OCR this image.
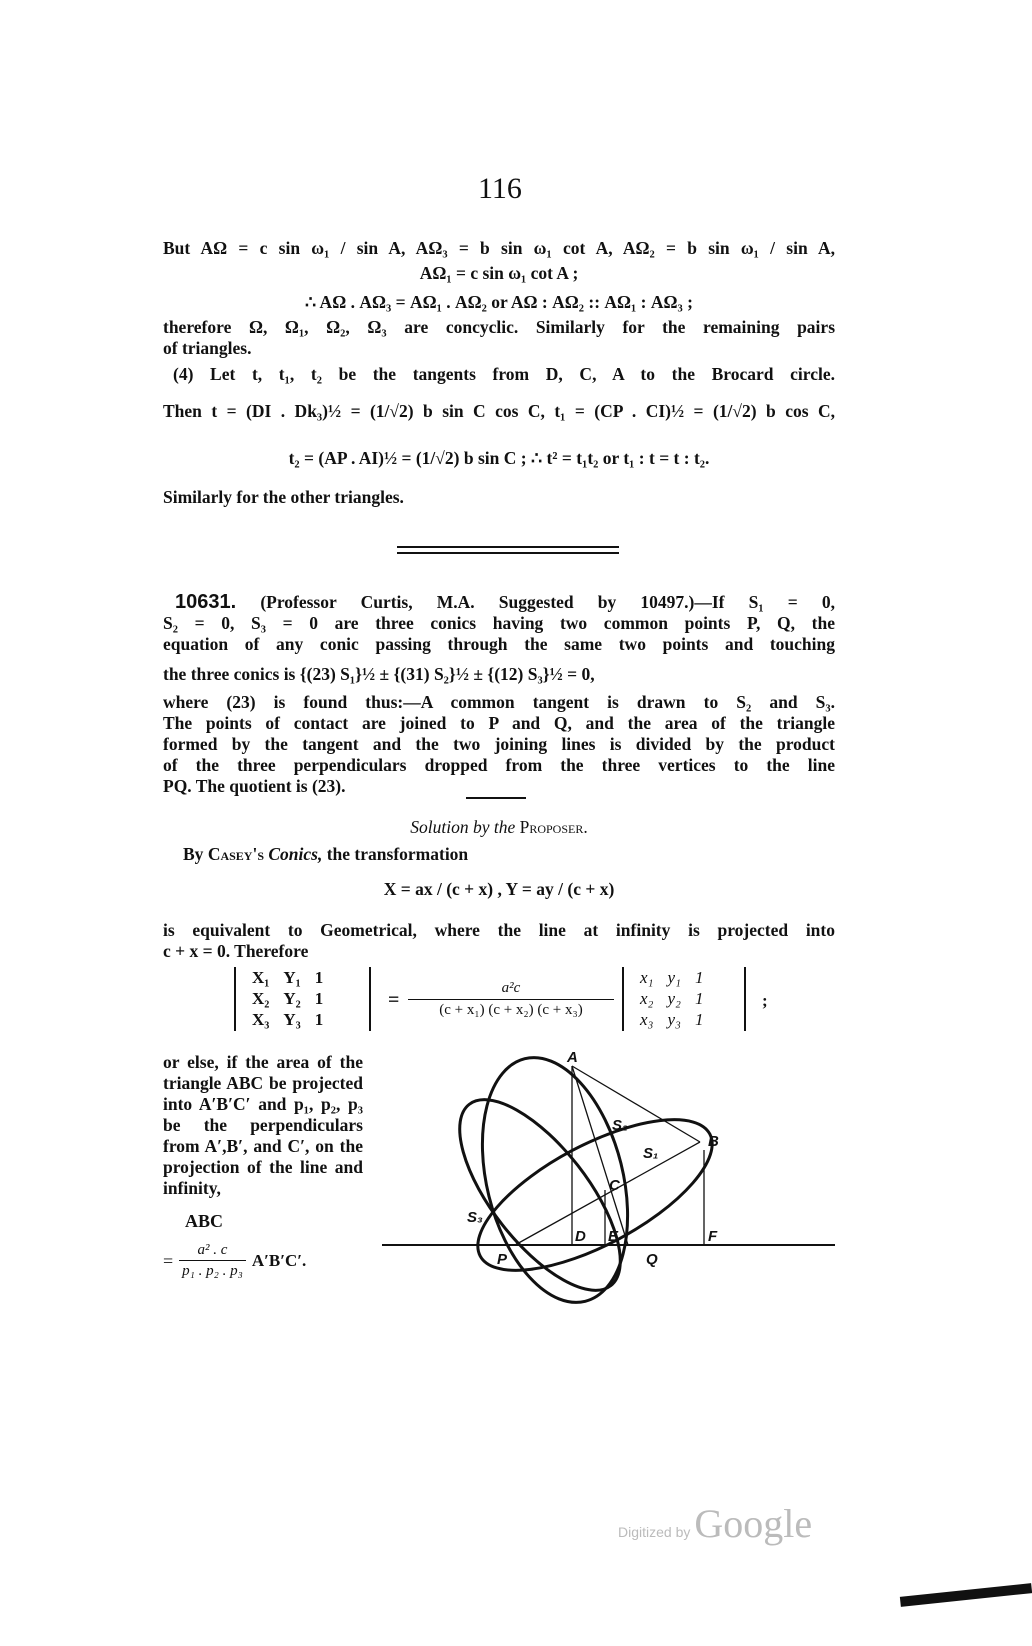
116
But AΩ = c sin ω₁ / sin A, AΩ₃ = b sin ω₁ cot A, AΩ₂ = b sin ω₁ / sin A,
AΩ₁ = c sin ω₁ cot A ;
∴ AΩ . AΩ₃ = AΩ₁ . AΩ₂ or AΩ : AΩ₂ :: AΩ₁ : AΩ₃ ;
therefore Ω, Ω₁, Ω₂, Ω₃ are concyclic. Similarly for the remaining pairs
of triangles.
(4) Let t, t₁, t₂ be the tangents from D, C, A to the Brocard circle.
Then t = (DI . Dk₃)½ = (1/√2) b sin C cos C, t₁ = (CP . CI)½ = (1/√2) b cos C,
t₂ = (AP . AI)½ = (1/√2) b sin C ; ∴ t² = t₁t₂ or t₁ : t = t : t₂.
Similarly for the other triangles.
10631. (Professor Curtis, M.A. Suggested by 10497.)—If S₁ = 0,
S₂ = 0, S₃ = 0 are three conics having two common points P, Q, the
equation of any conic passing through the same two points and touching
the three conics is {(23) S₁}½ ± {(31) S₂}½ ± {(12) S₃}½ = 0,
where (23) is found thus:—A common tangent is drawn to S₂ and S₃.
The points of contact are joined to P and Q, and the area of the triangle
formed by the tangent and the two joining lines is divided by the product
of the three perpendiculars dropped from the three vertices to the line
PQ. The quotient is (23).
Solution by the Proposer.
By Casey's Conics, the transformation
X = ax / (c + x) , Y = ay / (c + x)
is equivalent to Geometrical, where the line at infinity is projected into
c + x = 0. Therefore
X₁ Y₁ 1
X₂ Y₂ 1
X₃ Y₃ 1
= $\frac{\text{a²c}}{\text{(c + x₁) (c + x₂) (c + x₃)}}$
x₁ y₁ 1
x₂ y₂ 1
x₃ y₃ 1
;
or else, if the area of the triangle ABC be projected into A′B′C′ and p₁, p₂, p₃ be the perpendiculars from A′,B′, and C′, on the projection of the line and infinity,
ABC
= $\frac{\text{a² . c}}{\text{p₁ . p₂ . p₃}} A'B'C'$.
A
B
C
D E	F
P	Q
S₁
S₂
S₃
Digitized by Google
